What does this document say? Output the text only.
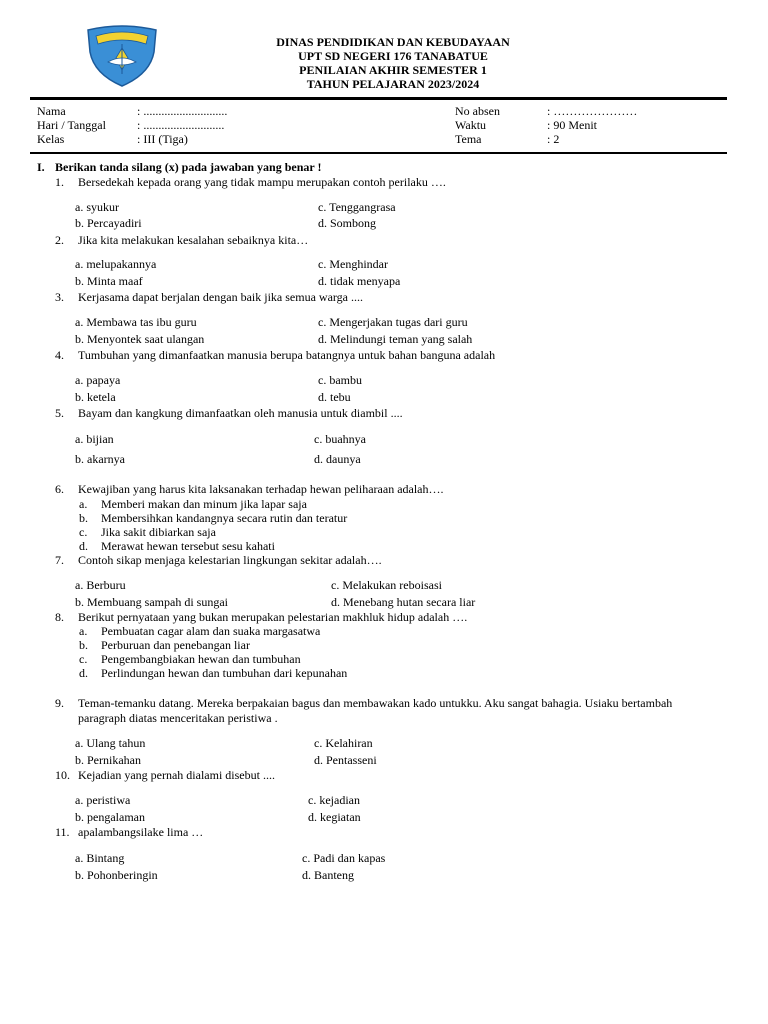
DINAS PENDIDIKAN DAN KEBUDAYAAN
UPT SD NEGERI 176 TANABATUE
PENILAIAN AKHIR SEMESTER 1
TAHUN PELAJARAN 2023/2024
Nama	: ............................
Hari / Tanggal	: ...........................
Kelas	: III (Tiga)
No absen	: …………………
Waktu	: 90 Menit
Tema	: 2
I. Berikan tanda silang (x) pada jawaban yang benar !
1. Bersedekah kepada orang yang tidak mampu merupakan contoh perilaku ….
a. syukur	c. Tenggangrasa
b. Percayadiri	d. Sombong
2. Jika kita melakukan kesalahan sebaiknya kita…
a. melupakannya	c. Menghindar
b. Minta maaf	d. tidak menyapa
3. Kerjasama dapat berjalan dengan baik jika semua warga ....
a. Membawa tas ibu guru	c. Mengerjakan tugas dari guru
b. Menyontek saat ulangan	d. Melindungi teman yang salah
4. Tumbuhan yang dimanfaatkan manusia berupa batangnya untuk bahan banguna adalah
a. papaya	c. bambu
b. ketela	d. tebu
5. Bayam dan kangkung dimanfaatkan oleh manusia untuk diambil ....
a. bijian	c. buahnya
b. akarnya	d. daunya
6. Kewajiban yang harus kita laksanakan terhadap hewan peliharaan adalah….
a. Memberi makan dan minum jika lapar saja
b. Membersihkan kandangnya secara rutin dan teratur
c. Jika sakit dibiarkan saja
d. Merawat hewan tersebut sesu kahati
7. Contoh sikap menjaga kelestarian lingkungan sekitar adalah….
a. Berburu	c. Melakukan reboisasi
b. Membuang sampah di sungai	d. Menebang hutan secara liar
8. Berikut pernyataan yang bukan merupakan pelestarian makhluk hidup adalah ….
a. Pembuatan cagar alam dan suaka margasatwa
b. Perburuan dan penebangan liar
c. Pengembangbiakan hewan dan tumbuhan
d. Perlindungan hewan dan tumbuhan dari kepunahan
9. Teman-temanku datang. Mereka berpakaian bagus dan membawakan kado untukku. Aku sangat bahagia. Usiaku bertambah
paragraph diatas menceritakan peristiwa .
a. Ulang tahun	c. Kelahiran
b. Pernikahan	d. Pentasseni
10. Kejadian yang pernah dialami disebut ....
a. peristiwa	c. kejadian
b. pengalaman	d. kegiatan
11. apalambangsilake lima …
a. Bintang	c. Padi dan kapas
b. Pohonberingin	d. Banteng
